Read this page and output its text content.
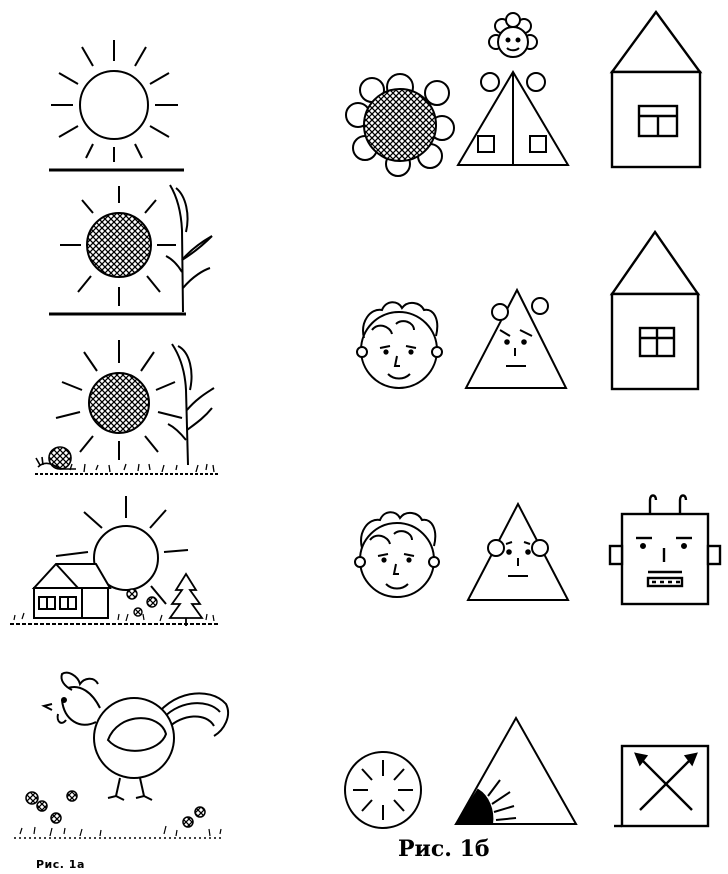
Рис. 1а
Рис. 1б
